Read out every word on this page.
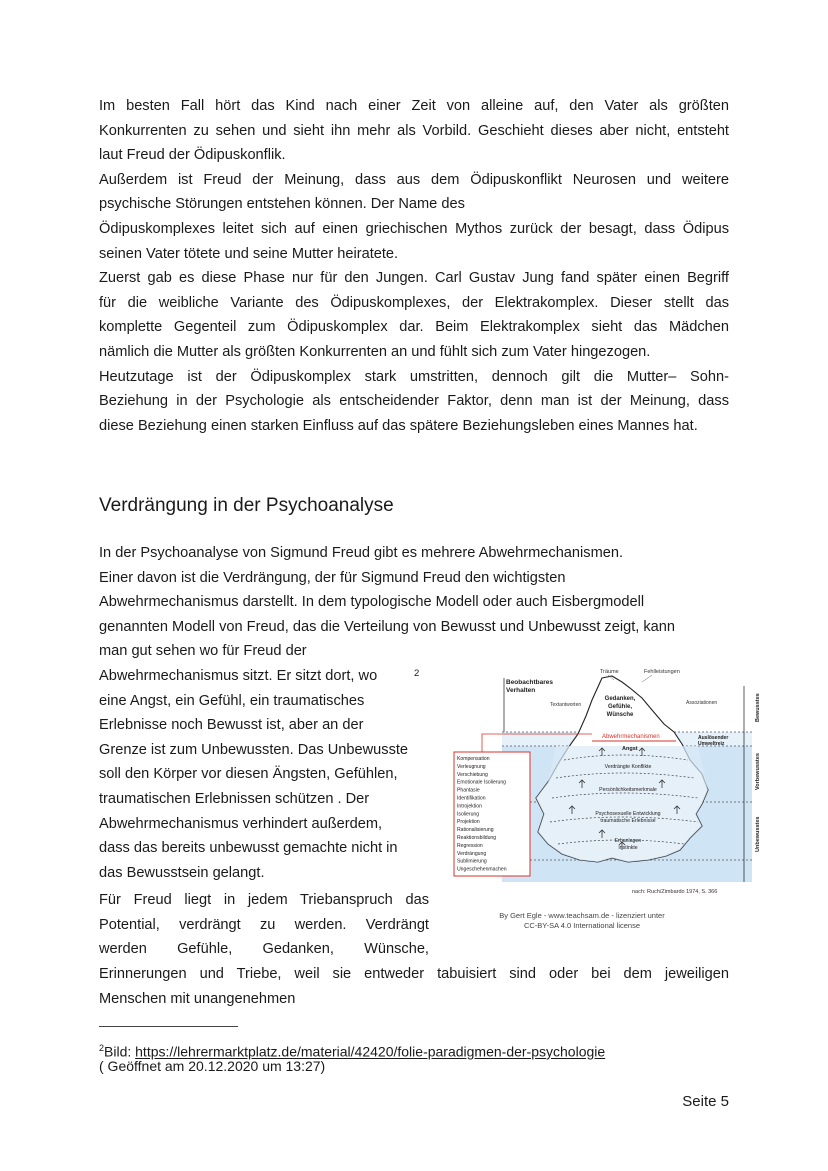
Im besten Fall hört das Kind nach einer Zeit von alleine auf, den Vater als größten
Konkurrenten zu sehen und sieht ihn mehr als Vorbild. Geschieht dieses aber nicht, entsteht
laut Freud der Ödipuskonflik.
Außerdem ist Freud der Meinung, dass aus dem Ödipuskonflikt Neurosen und weitere
psychische Störungen entstehen können. Der Name des
Ödipuskomplexes leitet sich auf einen griechischen Mythos zurück der besagt, dass Ödipus
seinen Vater tötete und seine Mutter heiratete.
Zuerst gab es diese Phase nur für den Jungen. Carl Gustav Jung fand später einen Begriff
für die weibliche Variante des Ödipuskomplexes, der Elektrakomplex. Dieser stellt das
komplette Gegenteil zum Ödipuskomplex dar. Beim Elektrakomplex sieht das Mädchen
nämlich die Mutter als größten Konkurrenten an und fühlt sich zum Vater hingezogen.
Heutzutage ist der Ödipuskomplex stark umstritten, dennoch gilt die Mutter– Sohn-
Beziehung in der Psychologie als entscheidender Faktor, denn man ist der Meinung, dass
diese Beziehung einen starken Einfluss auf das spätere Beziehungsleben eines Mannes hat.
Verdrängung in der Psychoanalyse
In der Psychoanalyse von Sigmund Freud gibt es mehrere Abwehrmechanismen.
Einer davon ist die Verdrängung, der für Sigmund Freud den wichtigsten
Abwehrmechanismus darstellt. In dem typologische Modell oder auch Eisbergmodell
genannten Modell von Freud, das die Verteilung von Bewusst und Unbewusst zeigt, kann
man gut sehen wo für Freud der
Abwehrmechanismus sitzt. Er sitzt dort, wo
eine Angst, ein Gefühl, ein traumatisches
Erlebnisse noch Bewusst ist, aber an der
Grenze ist zum Unbewussten. Das Unbewusste
soll den Körper vor diesen Ängsten, Gefühlen,
traumatischen Erlebnissen schützen . Der
Abwehrmechanismus verhindert außerdem,
dass das bereits unbewusst gemachte nicht in
das Bewusstsein gelangt.
2
Für Freud liegt in jedem Triebanspruch das
Potential, verdrängt zu werden. Verdrängt
werden Gefühle, Gedanken, Wünsche,
Erinnerungen und Triebe, weil sie entweder tabuisiert sind oder bei dem jeweiligen
Menschen mit unangenehmen
Träume	Fehlleistungen
Beobachtbares
Verhalten
Textantworten	Assoziationen
Gedanken,
Gefühle,
Wünsche
Abwehrmechanismen
Angst
Verdrängte Konflikte
Persönlichkeitsmerkmale
Psychosexuelle Entwicklung
traumatische Erlebnisse
Erbanlagen
Instinkte
Auslösender
Umweltreiz
Bewusstes
Vorbewusstes
Unbewusstes
Kompensation
Verleugnung
Verschiebung
Emotionale Isolierung
Phantasie
Identifikation
Introjektion
Isolierung
Projektion
Rationalisierung
Reaktionsbildung
Regression
Verdrängung
Sublimierung
Ungeschehenmachen
nach: Ruch/Zimbardo 1974, S. 366
By Gert Egle - www.teachsam.de - lizenziert unter
CC-BY-SA 4.0 International license
$^2$Bild: https://lehrermarktplatz.de/material/42420/folie-paradigmen-der-psychologie
( Geöffnet am 20.12.2020 um 13:27)
Seite 5
